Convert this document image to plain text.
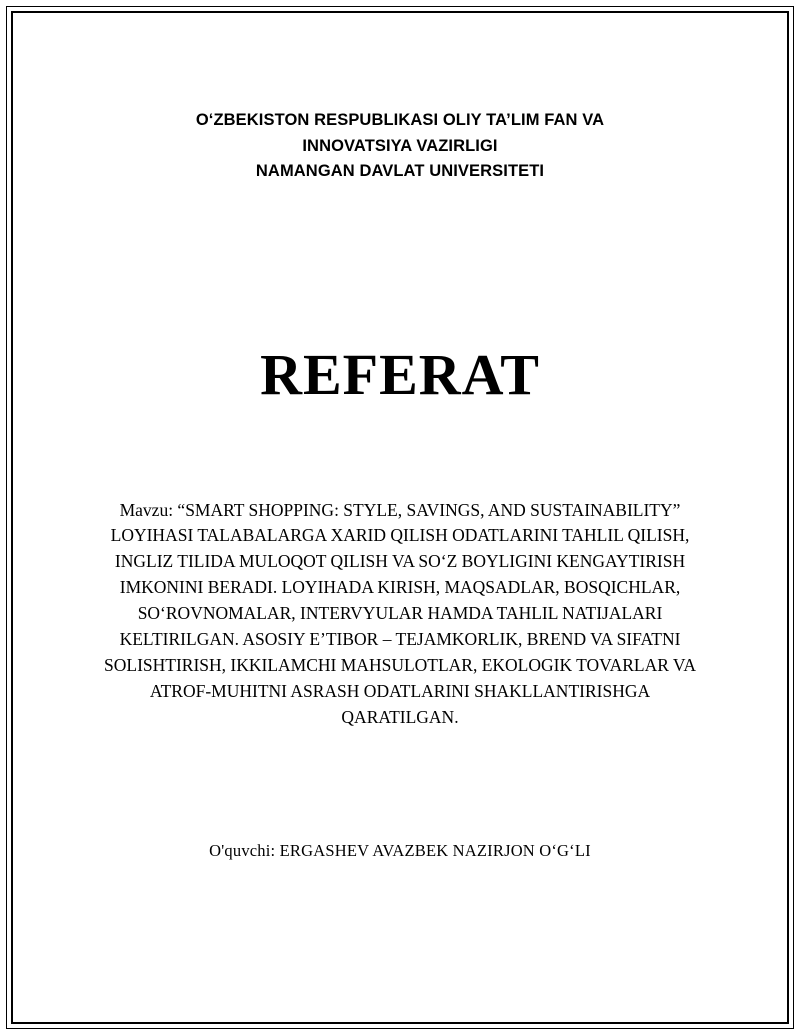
O‘ZBEKISTON RESPUBLIKASI OLIY TA’LIM FAN VA
INNOVATSIYA VAZIRLIGI
NAMANGAN DAVLAT UNIVERSITETI
REFERAT
Mavzu: “SMART SHOPPING: STYLE, SAVINGS, AND SUSTAINABILITY” LOYIHASI TALABALARGA XARID QILISH ODATLARINI TAHLIL QILISH, INGLIZ TILIDA MULOQOT QILISH VA SO‘Z BOYLIGINI KENGAYTIRISH IMKONINI BERADI. LOYIHADA KIRISH, MAQSADLAR, BOSQICHLAR, SO‘ROVNOMALAR, INTERVYULAR HAMDA TAHLIL NATIJALARI KELTIRILGAN. ASOSIY E’TIBOR – TEJAMKORLIK, BREND VA SIFATNI SOLISHTIRISH, IKKILAMCHI MAHSULOTLAR, EKOLOGIK TOVARLAR VA ATROF-MUHITNI ASRASH ODATLARINI SHAKLLANTIRISHGA QARATILGAN.
O'quvchi: ERGASHEV AVAZBEK NAZIRJON O‘G‘LI
